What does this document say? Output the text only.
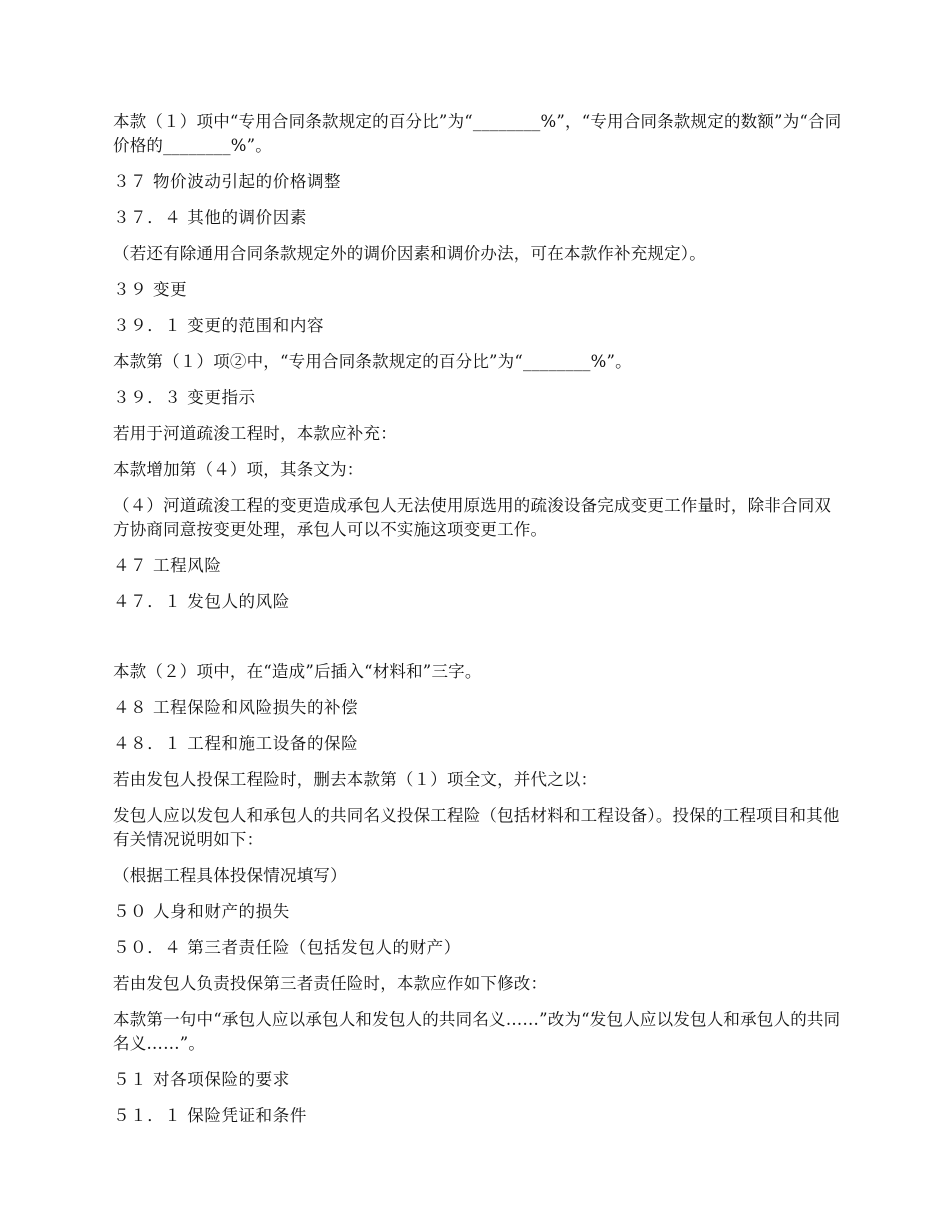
本款（１）项中“专用合同条款规定的百分比”为“________%”，“专用合同条款规定的数额”为“合同价格的________%”。

３７ 物价波动引起的价格调整

３７．４ 其他的调价因素

（若还有除通用合同条款规定外的调价因素和调价办法，可在本款作补充规定）。

３９ 变更

３９．１ 变更的范围和内容

本款第（１）项②中，“专用合同条款规定的百分比”为“________%”。

３９．３ 变更指示

若用于河道疏浚工程时，本款应补充：

本款增加第（４）项，其条文为：

（４）河道疏浚工程的变更造成承包人无法使用原选用的疏浚设备完成变更工作量时，除非合同双方协商同意按变更处理，承包人可以不实施这项变更工作。

４７ 工程风险

４７．１ 发包人的风险

本款（２）项中，在“造成”后插入“材料和”三字。

４８ 工程保险和风险损失的补偿

４８．１ 工程和施工设备的保险

若由发包人投保工程险时，删去本款第（１）项全文，并代之以：

发包人应以发包人和承包人的共同名义投保工程险（包括材料和工程设备）。投保的工程项目和其他有关情况说明如下：

（根据工程具体投保情况填写）

５０ 人身和财产的损失

５０．４ 第三者责任险（包括发包人的财产）

若由发包人负责投保第三者责任险时，本款应作如下修改：

本款第一句中“承包人应以承包人和发包人的共同名义……”改为“发包人应以发包人和承包人的共同名义……”。

５１ 对各项保险的要求

５１．１ 保险凭证和条件
